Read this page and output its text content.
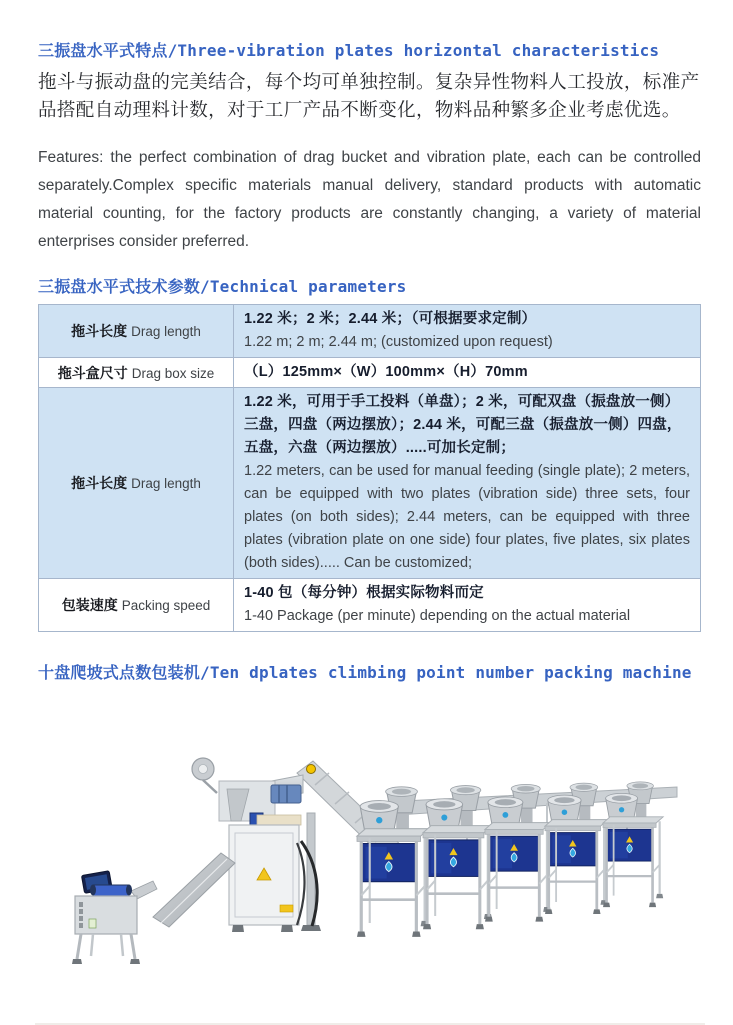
三振盘水平式特点/Three-vibration plates horizontal characteristics

拖斗与振动盘的完美结合，每个均可单独控制。复杂异性物料人工投放，标准产品搭配自动理料计数，对于工厂产品不断变化，物料品种繁多企业考虑优选。

Features: the perfect combination of drag bucket and vibration plate, each can be controlled separately.Complex specific materials manual delivery, standard products with automatic material counting, for the factory products are constantly changing, a variety of material enterprises consider preferred.

三振盘水平式技术参数/Technical parameters
拖斗长度 Drag length	1.22 米；2 米；2.44 米；（可根据要求定制）
1.22 m; 2 m; 2.44 m; (customized upon request)

拖斗盒尺寸 Drag box size	（L）125mm×（W）100mm×（H）70mm

拖斗长度 Drag length	1.22 米，可用于手工投料（单盘）；2 米，可配双盘（振盘放一侧）三盘，四盘（两边摆放）；2.44 米，可配三盘（振盘放一侧）四盘，五盘，六盘（两边摆放）.....可加长定制；
1.22 meters, can be used for manual feeding (single plate); 2 meters, can be equipped with two plates (vibration side) three sets, four plates (on both sides); 2.44 meters, can be equipped with three plates (vibration plate on one side) four plates, five plates, six plates (both sides)..... Can be customized;

包装速度 Packing speed	1-40 包（每分钟）根据实际物料而定
1-40 Package (per minute) depending on the actual material
十盘爬坡式点数包装机/Ten dplates climbing point number packing machine
